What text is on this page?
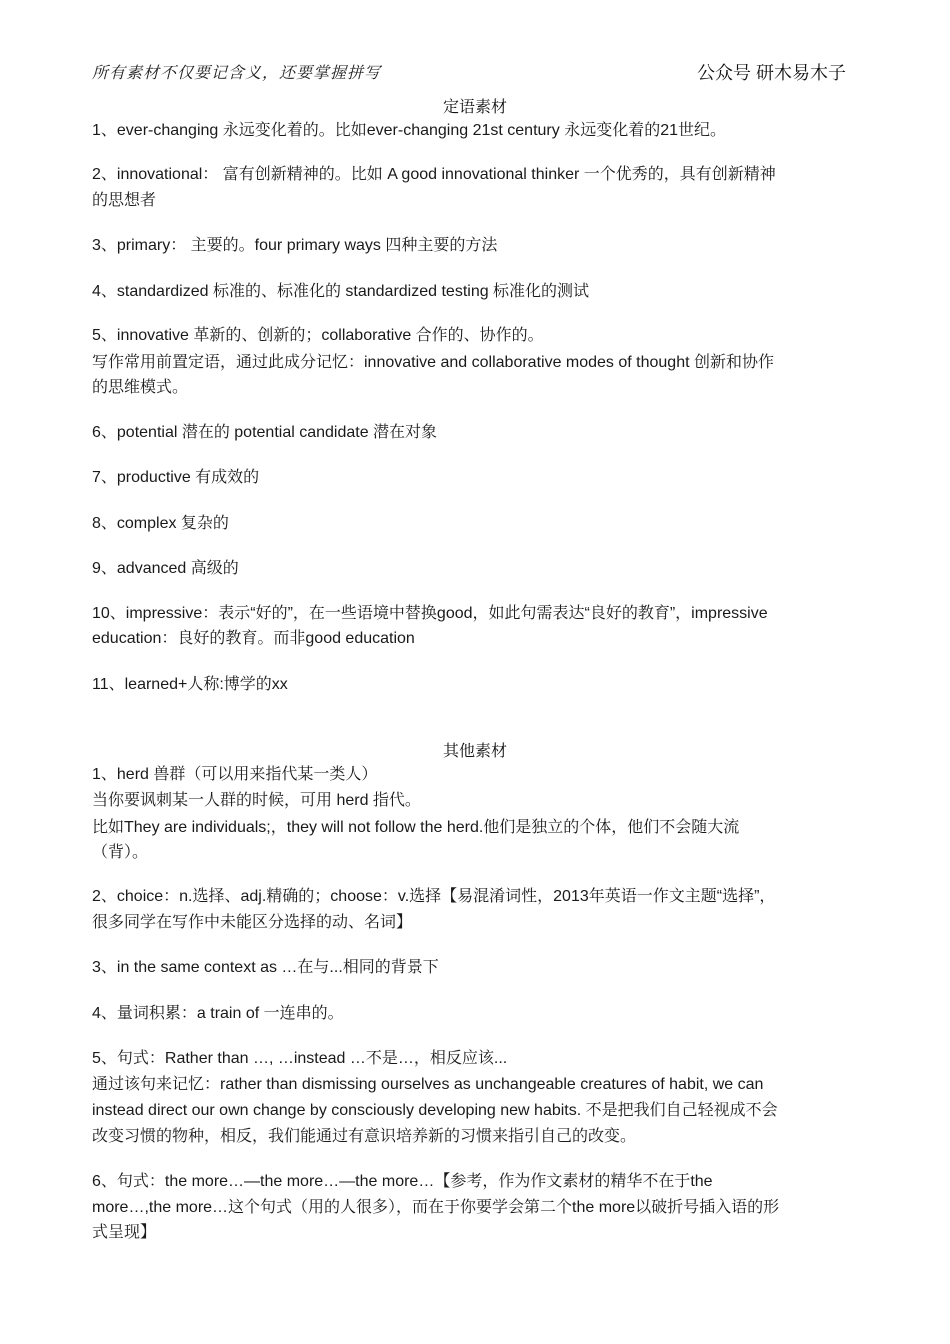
所有素材不仅要记含义，还要掌握拼写	公众号 研木易木子
定语素材
1、ever-changing 永远变化着的。比如ever-changing 21st century 永远变化着的21世纪。
2、innovational： 富有创新精神的。比如 A good innovational thinker 一个优秀的，具有创新精神
的思想者
3、primary： 主要的。four primary ways 四种主要的方法
4、standardized 标准的、标准化的 standardized testing 标准化的测试
5、innovative 革新的、创新的；collaborative 合作的、协作的。
写作常用前置定语，通过此成分记忆：innovative and collaborative modes of thought 创新和协作
的思维模式。
6、potential 潜在的 potential candidate 潜在对象
7、productive 有成效的
8、complex 复杂的
9、advanced 高级的
10、impressive：表示“好的”，在一些语境中替换good，如此句需表达“良好的教育”，impressive
education：良好的教育。而非good education
11、learned+人称:博学的xx
其他素材
1、herd 兽群（可以用来指代某一类人）
当你要讽刺某一人群的时候，可用 herd 指代。
比如They are individuals;，they will not follow the herd.他们是独立的个体，他们不会随大流
（背）。
2、choice：n.选择、adj.精确的；choose：v.选择【易混淆词性，2013年英语一作文主题“选择”，
很多同学在写作中未能区分选择的动、名词】
3、in the same context as …在与...相同的背景下
4、量词积累：a train of 一连串的。
5、句式：Rather than …, …instead …不是…，相反应该...
通过该句来记忆：rather than dismissing ourselves as unchangeable creatures of habit, we can
instead direct our own change by consciously developing new habits. 不是把我们自己轻视成不会
改变习惯的物种，相反，我们能通过有意识培养新的习惯来指引自己的改变。
6、句式：the more…—the more…—the more…【参考，作为作文素材的精华不在于the
more…,the more…这个句式（用的人很多），而在于你要学会第二个the more以破折号插入语的形
式呈现】
